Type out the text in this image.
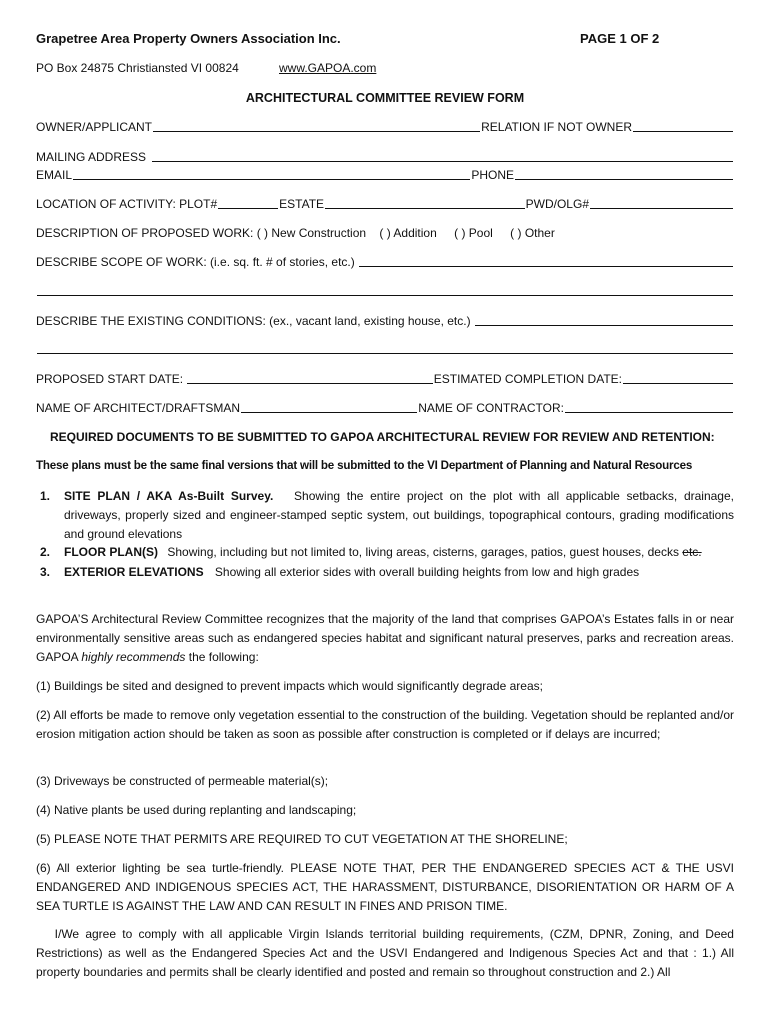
Grapetree Area Property Owners Association Inc.	PAGE 1 OF 2
PO Box 24875 Christiansted VI 00824	www.GAPOA.com
ARCHITECTURAL COMMITTEE REVIEW FORM
OWNER/APPLICANT	RELATION IF NOT OWNER
MAILING ADDRESS
EMAIL	PHONE
LOCATION OF ACTIVITY: PLOT#	ESTATE	PWD/OLG#
DESCRIPTION OF PROPOSED WORK: ( ) New Construction ( ) Addition ( ) Pool ( ) Other
DESCRIBE SCOPE OF WORK: (i.e. sq. ft. # of stories, etc.)
DESCRIBE THE EXISTING CONDITIONS: (ex., vacant land, existing house, etc.)
PROPOSED START DATE:	ESTIMATED COMPLETION DATE:
NAME OF ARCHITECT/DRAFTSMAN	NAME OF CONTRACTOR:
REQUIRED DOCUMENTS TO BE SUBMITTED TO GAPOA ARCHITECTURAL REVIEW FOR REVIEW AND RETENTION:
These plans must be the same final versions that will be submitted to the VI Department of Planning and Natural Resources
1. SITE PLAN / AKA As-Built Survey. Showing the entire project on the plot with all applicable setbacks, drainage, driveways, properly sized and engineer-stamped septic system, out buildings, topographical contours, grading modifications and ground elevations
2. FLOOR PLAN(S) Showing, including but not limited to, living areas, cisterns, garages, patios, guest houses, decks etc.
3. EXTERIOR ELEVATIONS Showing all exterior sides with overall building heights from low and high grades
GAPOA’S Architectural Review Committee recognizes that the majority of the land that comprises GAPOA’s Estates falls in or near environmentally sensitive areas such as endangered species habitat and significant natural preserves, parks and recreation areas. GAPOA highly recommends the following:
(1) Buildings be sited and designed to prevent impacts which would significantly degrade areas;
(2) All efforts be made to remove only vegetation essential to the construction of the building. Vegetation should be replanted and/or erosion mitigation action should be taken as soon as possible after construction is completed or if delays are incurred;
(3) Driveways be constructed of permeable material(s);
(4) Native plants be used during replanting and landscaping;
(5) PLEASE NOTE THAT PERMITS ARE REQUIRED TO CUT VEGETATION AT THE SHORELINE;
(6) All exterior lighting be sea turtle-friendly. PLEASE NOTE THAT, PER THE ENDANGERED SPECIES ACT & THE USVI ENDANGERED AND INDIGENOUS SPECIES ACT, THE HARASSMENT, DISTURBANCE, DISORIENTATION OR HARM OF A SEA TURTLE IS AGAINST THE LAW AND CAN RESULT IN FINES AND PRISON TIME.
I/We agree to comply with all applicable Virgin Islands territorial building requirements, (CZM, DPNR, Zoning, and Deed Restrictions) as well as the Endangered Species Act and the USVI Endangered and Indigenous Species Act and that : 1.) All property boundaries and permits shall be clearly identified and posted and remain so throughout construction and 2.) All
